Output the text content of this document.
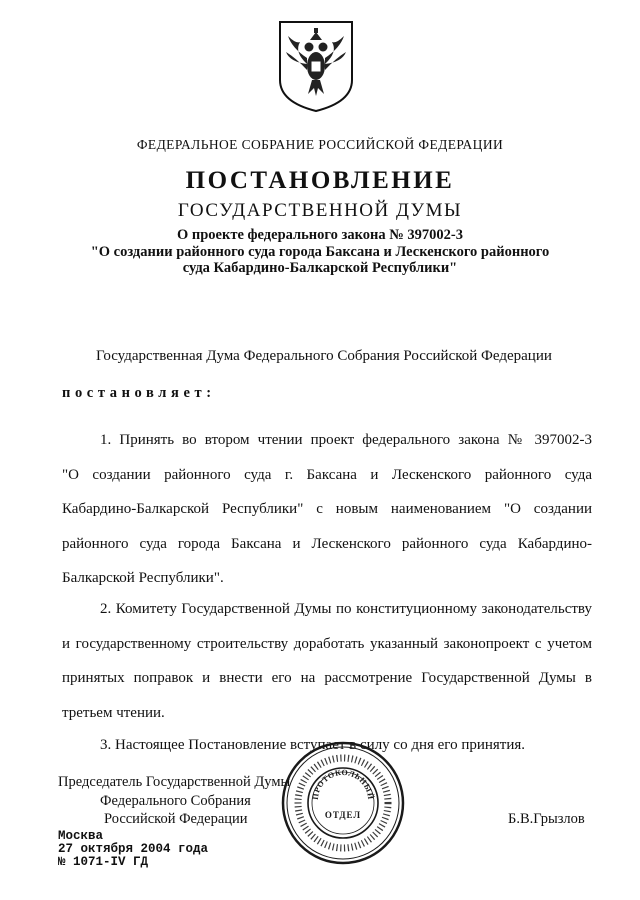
ФЕДЕРАЛЬНОЕ СОБРАНИЕ РОССИЙСКОЙ ФЕДЕРАЦИИ
ПОСТАНОВЛЕНИЕ
ГОСУДАРСТВЕННОЙ ДУМЫ
О проекте федерального закона № 397002-3
"О создании районного суда города Баксана и Лескенского районного
суда Кабардино-Балкарской Республики"
Государственная Дума Федерального Собрания Российской Федерации
постановляет:
1. Принять во втором чтении проект федерального закона № 397002-3
"О создании районного суда г. Баксана и Лескенского районного суда
Кабардино-Балкарской Республики" с новым наименованием "О создании
районного суда города Баксана и Лескенского районного суда Кабардино-
Балкарской Республики".
2. Комитету Государственной Думы по конституционному законодательству
и государственному строительству доработать указанный законопроект с учетом
принятых поправок и внести его на рассмотрение Государственной Думы в
третьем чтении.
3. Настоящее Постановление вступает в силу со дня его принятия.
Председатель Государственной Думы
Федерального Собрания
Российской Федерации	Б.В.Грызлов
Москва
27 октября 2004 года
№ 1071-IV ГД
ПРОТОКОЛЬНЫЙ
ОТДЕЛ
